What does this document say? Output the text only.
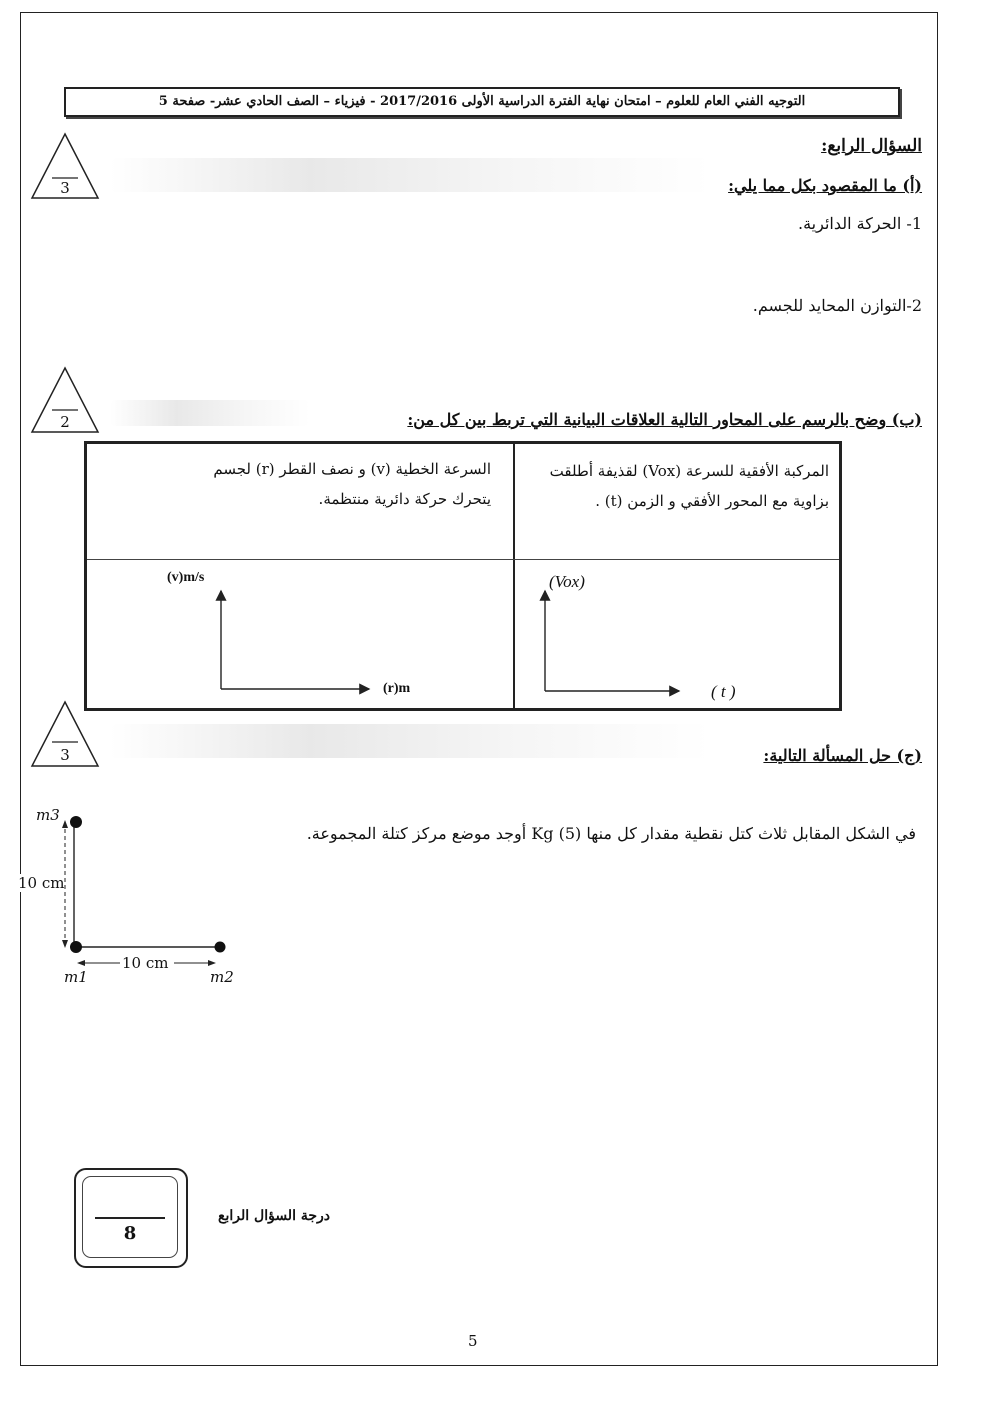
التوجيه الفني العام للعلوم – امتحان نهاية الفترة الدراسية الأولى 2017/2016 - فيزياء – الصف الحادي عشر- صفحة 5
السؤال الرابع:
3	(أ) ما المقصود بكل مما يلي:
1- الحركة الدائرية.
2-التوازن المحايد للجسم.
2	(ب) وضح بالرسم على المحاور التالية العلاقات البيانية التي تربط بين كل من:
المركبة الأفقية للسرعة (Vox) لقذيفة أطلقت
بزاوية مع المحور الأفقي و الزمن (t) .
السرعة الخطية (v) و نصف القطر (r) لجسم
يتحرك حركة دائرية منتظمة.
(v)m/s
(r)m
(Vox)
( t )
3	(ج) حل المسألة التالية:
في الشكل المقابل ثلاث كتل نقطية مقدار كل منها Kg (5) أوجد موضع مركز كتلة المجموعة.
m3
m1	m2
10 cm
10 cm
8
درجة السؤال الرابع
5
